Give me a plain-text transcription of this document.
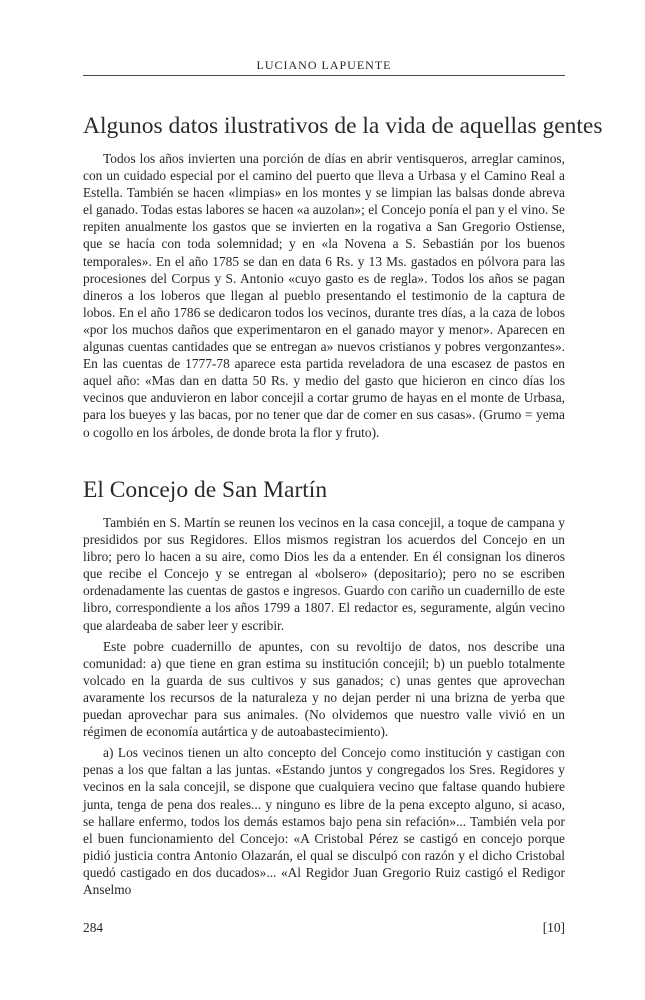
LUCIANO LAPUENTE
Algunos datos ilustrativos de la vida de aquellas gentes

Todos los años invierten una porción de días en abrir ventisqueros, arreglar caminos, con un cuidado especial por el camino del puerto que lleva a Urbasa y el Camino Real a Estella. También se hacen «limpias» en los montes y se limpian las balsas donde abreva el ganado. Todas estas labores se hacen «a auzolan»; el Concejo ponía el pan y el vino. Se repiten anualmente los gastos que se invierten en la rogativa a San Gregorio Ostiense, que se hacía con toda solemnidad; y en «la Novena a S. Sebastián por los buenos temporales». En el año 1785 se dan en data 6 Rs. y 13 Ms. gastados en pólvora para las procesiones del Corpus y S. Antonio «cuyo gasto es de regla». Todos los años se pagan dineros a los loberos que llegan al pueblo presentando el testimonio de la captura de lobos. En el año 1786 se dedicaron todos los vecinos, durante tres días, a la caza de lobos «por los muchos daños que experimentaron en el ganado mayor y menor». Aparecen en algunas cuentas cantidades que se entregan a» nuevos cristianos y pobres vergonzantes». En las cuentas de 1777-78 aparece esta partida reveladora de una escasez de pastos en aquel año: «Mas dan en datta 50 Rs. y medio del gasto que hicieron en cinco días los vecinos que anduvieron en labor concejil a cortar grumo de hayas en el monte de Urbasa, para los bueyes y las bacas, por no tener que dar de comer en sus casas». (Grumo = yema o cogollo en los árboles, de donde brota la flor y fruto).

El Concejo de San Martín

También en S. Martín se reunen los vecinos en la casa concejil, a toque de campana y presididos por sus Regidores. Ellos mismos registran los acuerdos del Concejo en un libro; pero lo hacen a su aire, como Dios les da a entender. En él consignan los dineros que recibe el Concejo y se entregan al «bolsero» (depositario); pero no se escriben ordenadamente las cuentas de gastos e ingresos. Guardo con cariño un cuadernillo de este libro, correspondiente a los años 1799 a 1807. El redactor es, seguramente, algún vecino que alardeaba de saber leer y escribir.

Este pobre cuadernillo de apuntes, con su revoltijo de datos, nos describe una comunidad: a) que tiene en gran estima su institución concejil; b) un pueblo totalmente volcado en la guarda de sus cultivos y sus ganados; c) unas gentes que aprovechan avaramente los recursos de la naturaleza y no dejan perder ni una brizna de yerba que puedan aprovechar para sus animales. (No olvidemos que nuestro valle vivió en un régimen de economía autártica y de autoabastecimiento).

a) Los vecinos tienen un alto concepto del Concejo como institución y castigan con penas a los que faltan a las juntas. «Estando juntos y congregados los Sres. Regidores y vecinos en la sala concejil, se dispone que cualquiera vecino que faltase quando hubiere junta, tenga de pena dos reales... y ninguno es libre de la pena excepto alguno, si acaso, se hallare enfermo, todos los demás estamos bajo pena sin refación»... También vela por el buen funcionamiento del Concejo: «A Cristobal Pérez se castigó en concejo porque pidió justicia contra Antonio Olazarán, el qual se disculpó con razón y el dicho Cristobal quedó castigado en dos ducados»... «Al Regidor Juan Gregorio Ruiz castigó el Redigor Anselmo

284	[10]
